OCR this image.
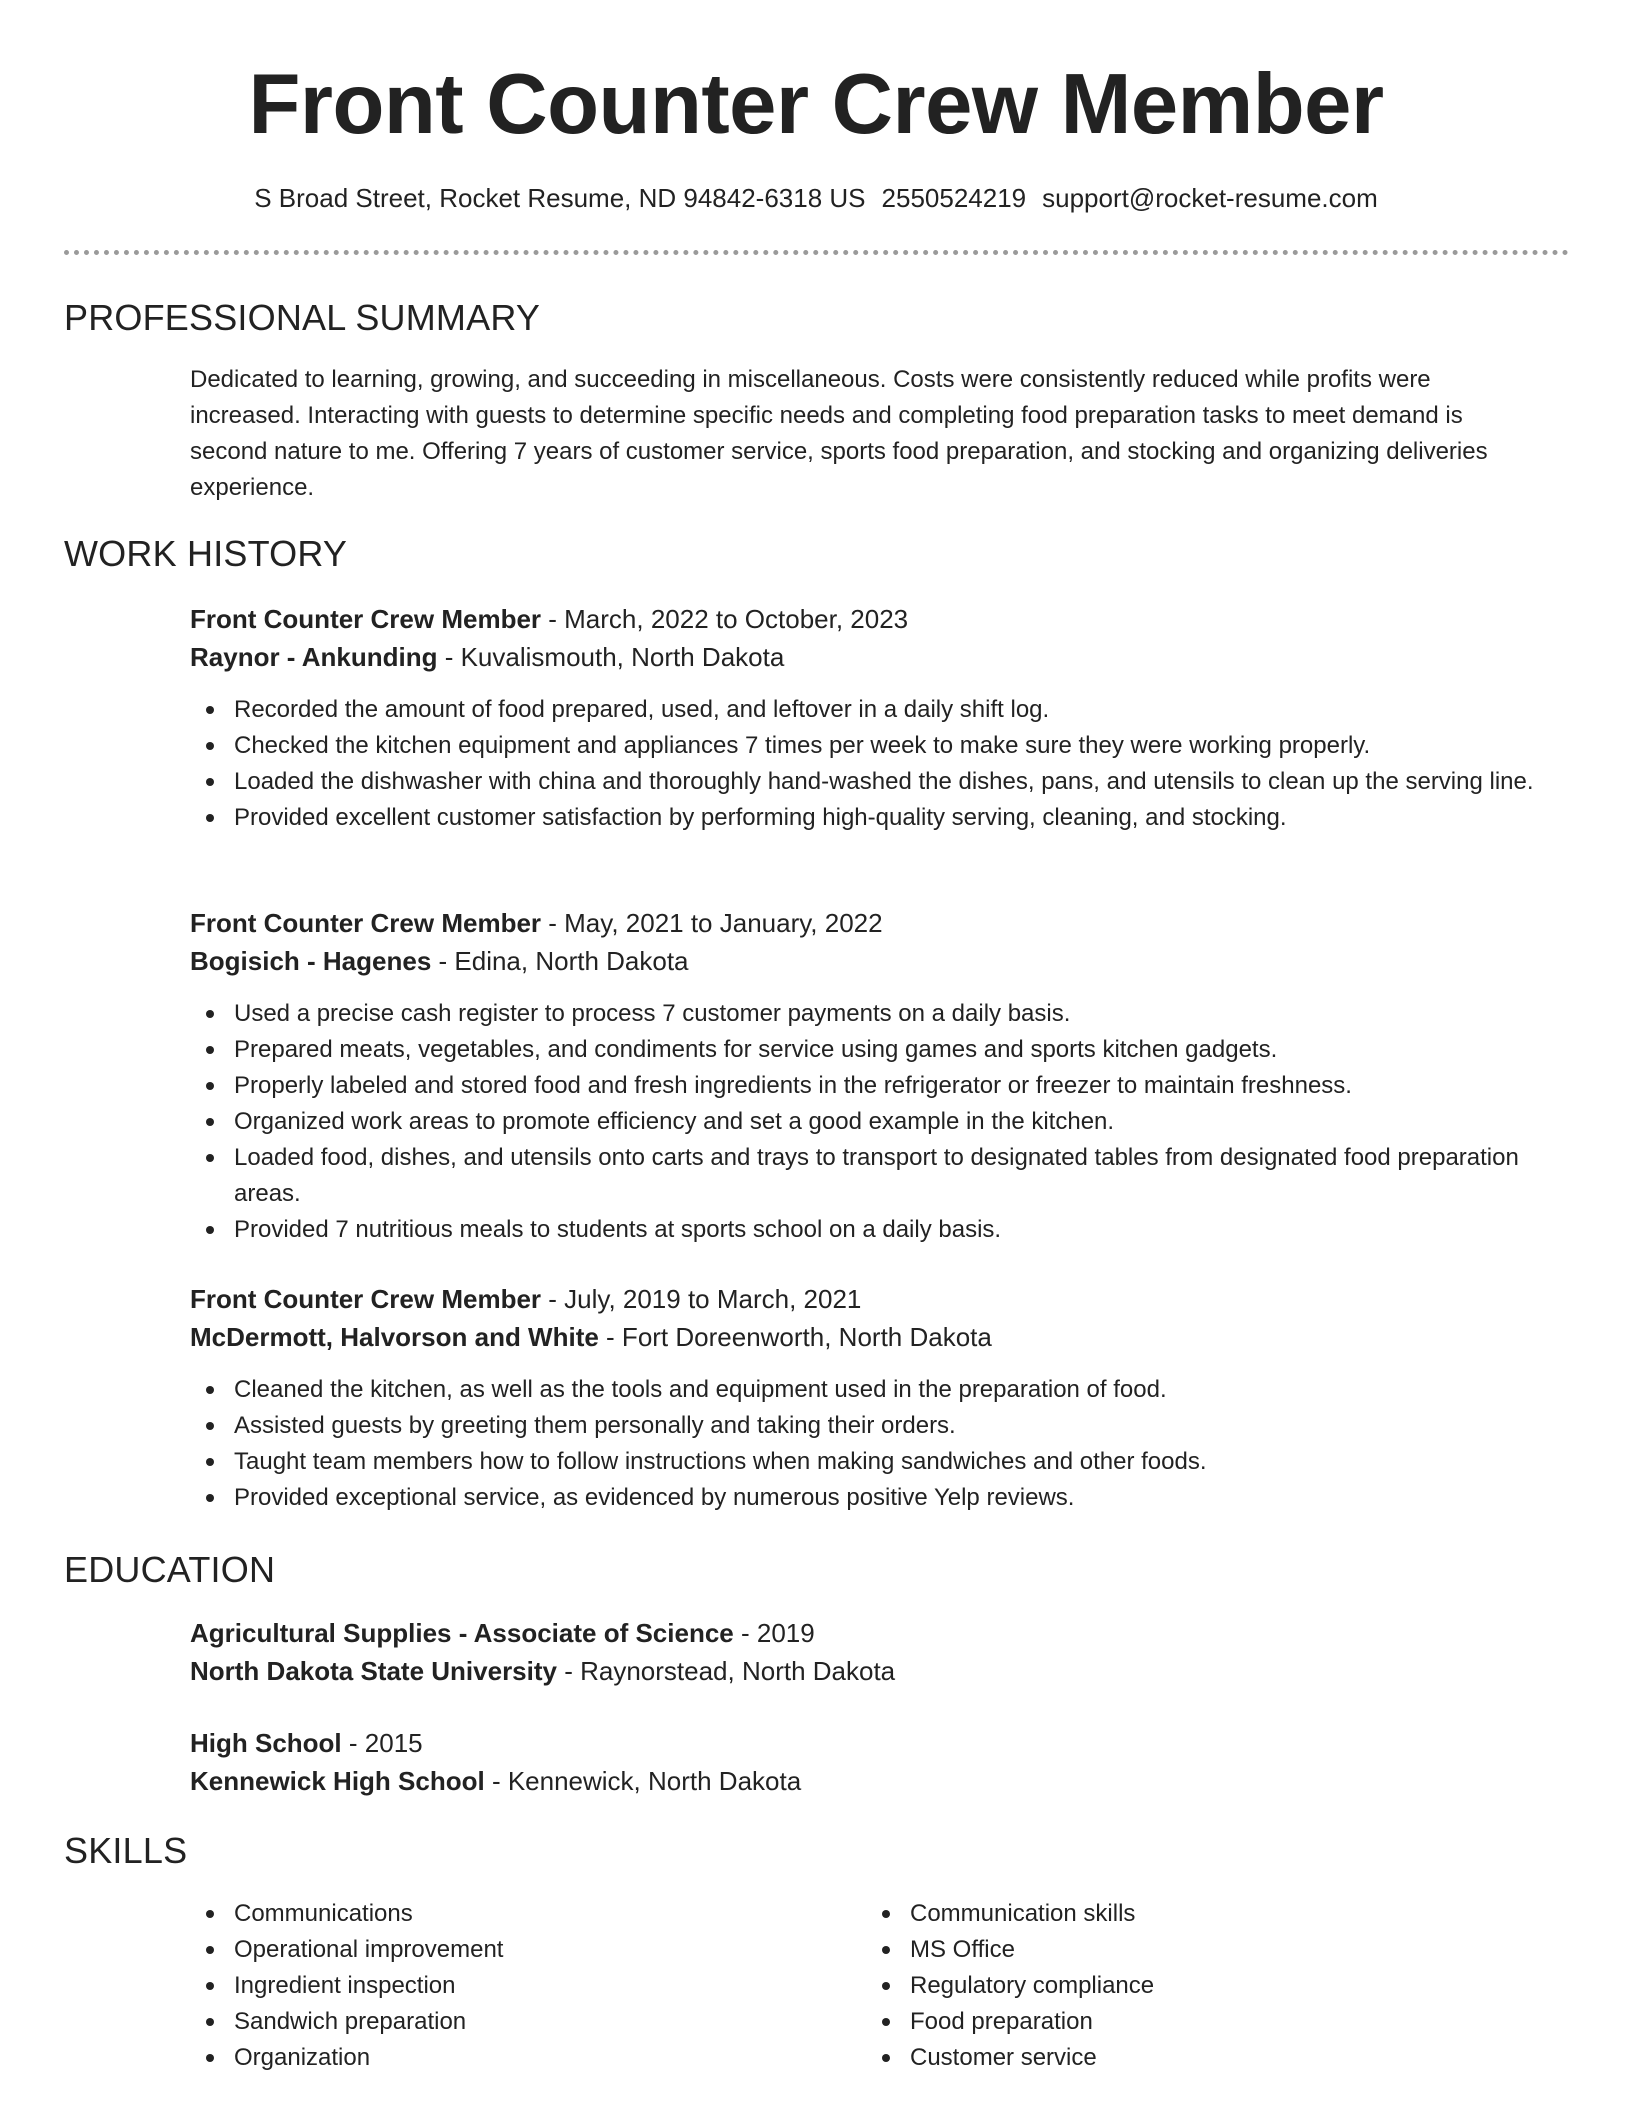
Front Counter Crew Member
S Broad Street, Rocket Resume, ND 94842-6318 US 2550524219 support@rocket-resume.com
PROFESSIONAL SUMMARY
Dedicated to learning, growing, and succeeding in miscellaneous. Costs were consistently reduced while profits were increased. Interacting with guests to determine specific needs and completing food preparation tasks to meet demand is second nature to me. Offering 7 years of customer service, sports food preparation, and stocking and organizing deliveries experience.
WORK HISTORY
Front Counter Crew Member - March, 2022 to October, 2023
Raynor - Ankunding - Kuvalismouth, North Dakota
Recorded the amount of food prepared, used, and leftover in a daily shift log.
Checked the kitchen equipment and appliances 7 times per week to make sure they were working properly.
Loaded the dishwasher with china and thoroughly hand-washed the dishes, pans, and utensils to clean up the serving line.
Provided excellent customer satisfaction by performing high-quality serving, cleaning, and stocking.
Front Counter Crew Member - May, 2021 to January, 2022
Bogisich - Hagenes - Edina, North Dakota
Used a precise cash register to process 7 customer payments on a daily basis.
Prepared meats, vegetables, and condiments for service using games and sports kitchen gadgets.
Properly labeled and stored food and fresh ingredients in the refrigerator or freezer to maintain freshness.
Organized work areas to promote efficiency and set a good example in the kitchen.
Loaded food, dishes, and utensils onto carts and trays to transport to designated tables from designated food preparation areas.
Provided 7 nutritious meals to students at sports school on a daily basis.
Front Counter Crew Member - July, 2019 to March, 2021
McDermott, Halvorson and White - Fort Doreenworth, North Dakota
Cleaned the kitchen, as well as the tools and equipment used in the preparation of food.
Assisted guests by greeting them personally and taking their orders.
Taught team members how to follow instructions when making sandwiches and other foods.
Provided exceptional service, as evidenced by numerous positive Yelp reviews.
EDUCATION
Agricultural Supplies - Associate of Science - 2019
North Dakota State University - Raynorstead, North Dakota
High School - 2015
Kennewick High School - Kennewick, North Dakota
SKILLS
Communications
Operational improvement
Ingredient inspection
Sandwich preparation
Organization
Communication skills
MS Office
Regulatory compliance
Food preparation
Customer service
